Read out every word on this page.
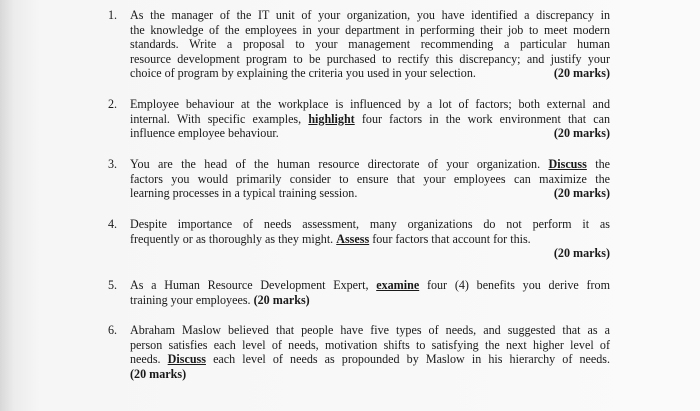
1. As the manager of the IT unit of your organization, you have identified a discrepancy in
the knowledge of the employees in your department in performing their job to meet modern
standards. Write a proposal to your management recommending a particular human
resource development program to be purchased to rectify this discrepancy; and justify your
choice of program by explaining the criteria you used in your selection.	(20 marks)
2. Employee behaviour at the workplace is influenced by a lot of factors; both external and
internal. With specific examples, highlight four factors in the work environment that can
influence employee behaviour.	(20 marks)
3. You are the head of the human resource directorate of your organization. Discuss the
factors you would primarily consider to ensure that your employees can maximize the
learning processes in a typical training session.	(20 marks)
4. Despite importance of needs assessment, many organizations do not perform it as
frequently or as thoroughly as they might. Assess four factors that account for this.
(20 marks)
5. As a Human Resource Development Expert, examine four (4) benefits you derive from
training your employees. (20 marks)
6. Abraham Maslow believed that people have five types of needs, and suggested that as a
person satisfies each level of needs, motivation shifts to satisfying the next higher level of
needs. Discuss each level of needs as propounded by Maslow in his hierarchy of needs.
(20 marks)
